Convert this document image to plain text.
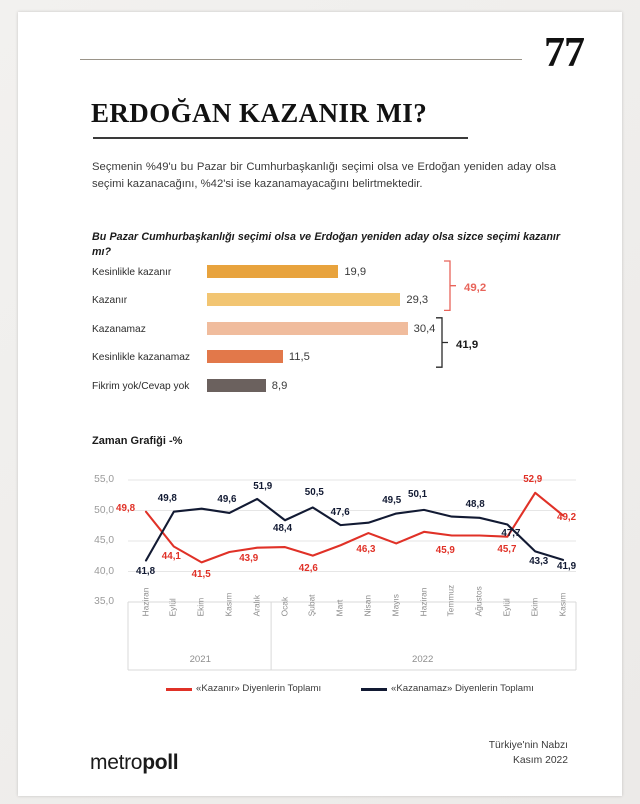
77
ERDOĞAN KAZANIR MI?
Seçmenin %49'u bu Pazar bir Cumhurbaşkanlığı seçimi olsa ve Erdoğan yeniden aday olsa seçimi kazanacağını, %42'si ise kazanamayacağını belirtmektedir.
Bu Pazar Cumhurbaşkanlığı seçimi olsa ve Erdoğan yeniden aday olsa sizce seçimi kazanır mı?
Kesinlikle kazanır	19,9
Kazanır	29,3
Kazanamaz	30,4
Kesinlikle kazanamaz	11,5
Fikrim yok/Cevap yok	8,9
49,2
41,9
Zaman Grafiği -%
55,0
50,0
45,0
40,0
35,0	Haziran Eylül Ekim Kasım Aralık Ocak Şubat Mart Nisan Mayıs Haziran Temmuz Ağustos Eylül Ekim Kasım
2021	2022
49,8
44,1
41,5
43,9
42,6
46,3	45,9	45,7
52,9
49,2
41,8
49,8	49,6
51,9
48,4
50,5
47,6
49,5
50,1
48,8
47,7
43,3 41,9
«Kazanır» Diyenlerin Toplamı	«Kazanamaz» Diyenlerin Toplamı
metropoll
Türkiye'nin Nabzı
Kasım 2022
